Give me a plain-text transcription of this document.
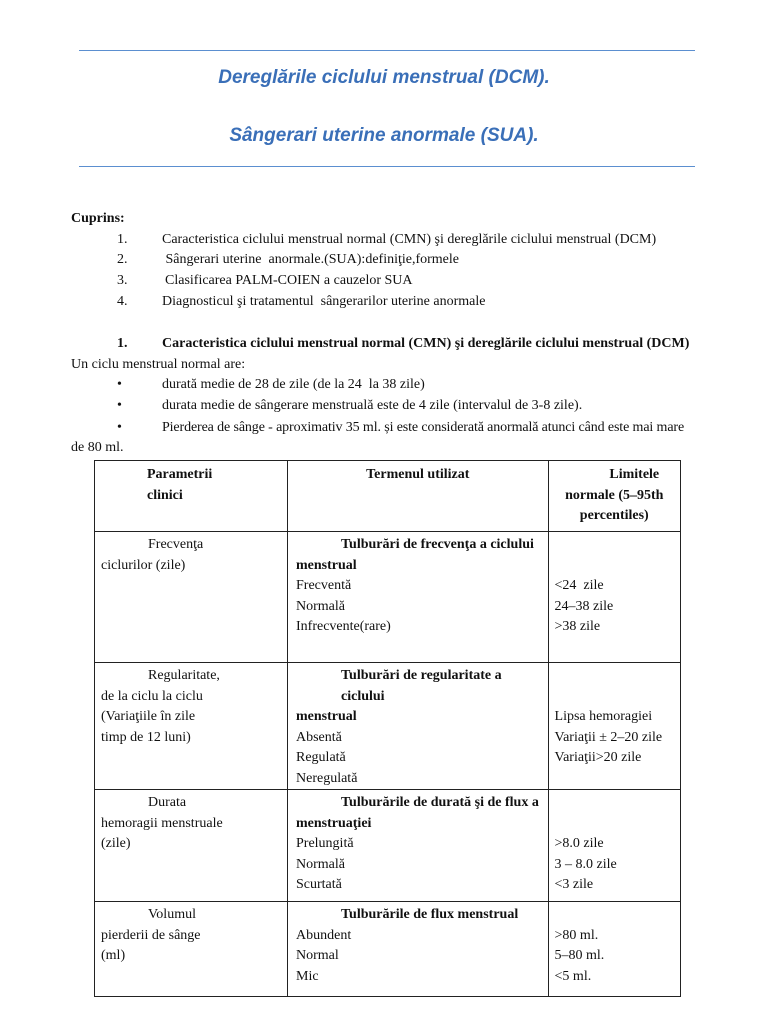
Dereglările ciclului menstrual (DCM).
Sângerari uterine anormale (SUA).
Cuprins:
1. Caracteristica ciclului menstrual normal (CMN) şi dereglările ciclului menstrual (DCM)
2. Sângerari uterine  anormale.(SUA):definiţie,formele
3.	Clasificarea PALM-COIEN a cauzelor SUA
4. Diagnosticul şi tratamentul  sângerarilor uterine anormale
1. Caracteristica ciclului menstrual normal (CMN) şi dereglările ciclului menstrual (DCM)
Un ciclu menstrual normal are:
•	durată medie de 28 de zile (de la 24  la 38 zile)
•	durata medie de sângerare menstruală este de 4 zile (intervalul de 3-8 zile).
•	Pierderea de sânge - aproximativ 35 ml. și este considerată anormală atunci când este mai mare
de 80 ml.
Parametrii
clinici	Termenul utilizat	Limitele
normale (5–95th
percentiles)

Frecvenţa
ciclurilor (zile)	Tulburări de frecvenţa a ciclului
menstrual
Frecventă
Normală
Infrecvente(rare)	<24  zile
24–38 zile
>38 zile

Regularitate,
de la ciclu la ciclu
(Variaţiile în zile
timp de 12 luni)	Tulburări de regularitate a ciclului
menstrual
Absentă
Regulată
Neregulată	Lipsa hemoragiei
Variaţii ± 2–20 zile
Variaţii>20 zile

Durata
hemoragii menstruale
(zile)	Tulburările de durată şi de flux a
menstruaţiei
Prelungită
Normală
Scurtată	>8.0 zile
3 – 8.0 zile
<3 zile

Volumul
pierderii de sânge
(ml)	Tulburările de flux menstrual
Abundent
Normal
Mic	>80 ml.
5–80 ml.
<5 ml.
